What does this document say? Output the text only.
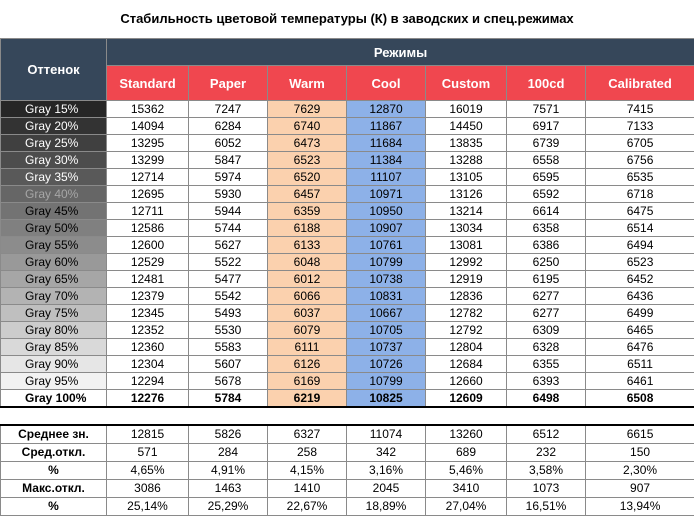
Стабильность цветовой температуры (К) в заводских и спец.режимах
Оттенок	Режимы						
	Standard	Paper	Warm	Cool	Custom	100cd	Calibrated
Gray 15%	15362	7247	7629	12870	16019	7571	7415
Gray 20%	14094	6284	6740	11867	14450	6917	7133
Gray 25%	13295	6052	6473	11684	13835	6739	6705
Gray 30%	13299	5847	6523	11384	13288	6558	6756
Gray 35%	12714	5974	6520	11107	13105	6595	6535
Gray 40%	12695	5930	6457	10971	13126	6592	6718
Gray 45%	12711	5944	6359	10950	13214	6614	6475
Gray 50%	12586	5744	6188	10907	13034	6358	6514
Gray 55%	12600	5627	6133	10761	13081	6386	6494
Gray 60%	12529	5522	6048	10799	12992	6250	6523
Gray 65%	12481	5477	6012	10738	12919	6195	6452
Gray 70%	12379	5542	6066	10831	12836	6277	6436
Gray 75%	12345	5493	6037	10667	12782	6277	6499
Gray 80%	12352	5530	6079	10705	12792	6309	6465
Gray 85%	12360	5583	6111	10737	12804	6328	6476
Gray 90%	12304	5607	6126	10726	12684	6355	6511
Gray 95%	12294	5678	6169	10799	12660	6393	6461
Gray 100%	12276	5784	6219	10825	12609	6498	6508

Среднее зн.	12815	5826	6327	11074	13260	6512	6615
Сред.откл.	571	284	258	342	689	232	150
%	4,65%	4,91%	4,15%	3,16%	5,46%	3,58%	2,30%
Макс.откл.	3086	1463	1410	2045	3410	1073	907
%	25,14%	25,29%	22,67%	18,89%	27,04%	16,51%	13,94%
